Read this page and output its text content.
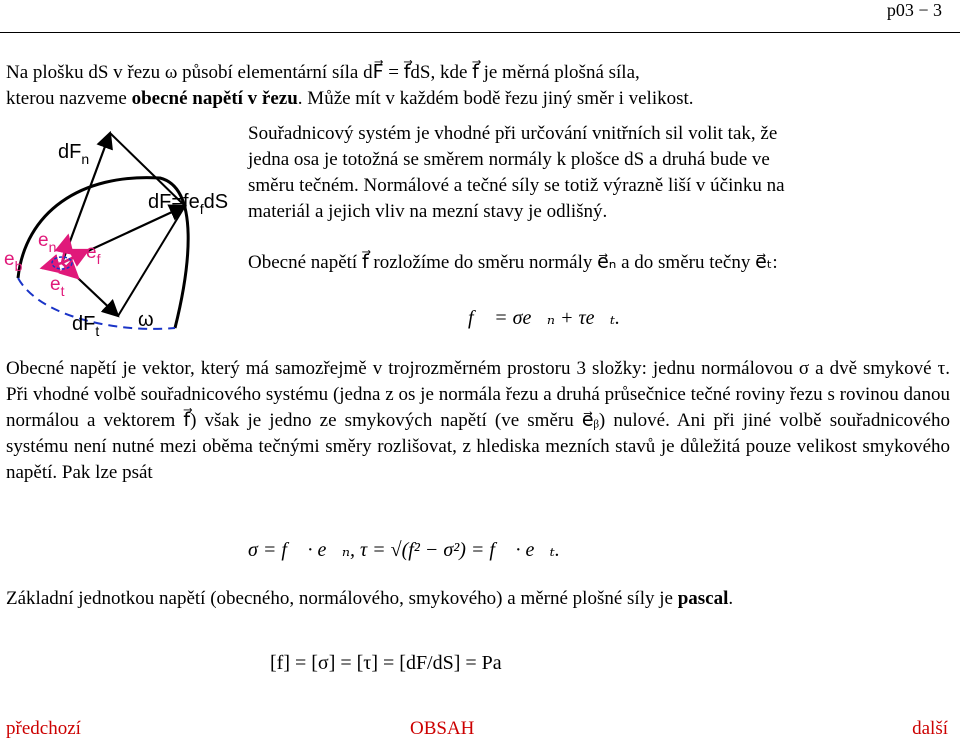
p03 − 3
Na plošku dS v řezu ω působí elementární síla dF⃗ = f⃗dS, kde f⃗ je měrná plošná síla,
kterou nazveme obecné napětí v řezu. Může mít v každém bodě řezu jiný směr i velikost.
$dF_n$
$dF=fe_fdS$
$e_n$
$e_b$
$e_t$
$e_f$
$dF_t$ ω
Souřadnicový systém je vhodné při určování vnitřních sil volit tak, že jedna osa je totožná se směrem normály k plošce dS a druhá bude ve směru tečném. Normálové a tečné síly se totiž výrazně liší v účinku na materiál a jejich vliv na mezní stavy je odlišný.
Obecné napětí f⃗ rozložíme do směru normály e⃗ₙ a do směru tečny e⃗ₜ:
f⃗ = σe⃗ₙ + τe⃗ₜ.
Obecné napětí je vektor, který má samozřejmě v trojrozměrném prostoru 3 složky: jednu normálovou σ a dvě smykové τ. Při vhodné volbě souřadnicového systému (jedna z os je normála řezu a druhá průsečnice tečné roviny řezu s rovinou danou normálou a vektorem f⃗) však je jedno ze smykových napětí (ve směru e⃗ᵦ) nulové. Ani při jiné volbě souřadnicového systému není nutné mezi oběma tečnými směry rozlišovat, z hlediska mezních stavů je důležitá pouze velikost smykového napětí. Pak lze psát
σ = f⃗ · e⃗ₙ, τ = √(f² − σ²) = f⃗ · e⃗ₜ.
Základní jednotkou napětí (obecného, normálového, smykového) a měrné plošné síly je pascal.
[f] = [σ] = [τ] = [dF/dS] = Pa
předchozí	OBSAH	další
